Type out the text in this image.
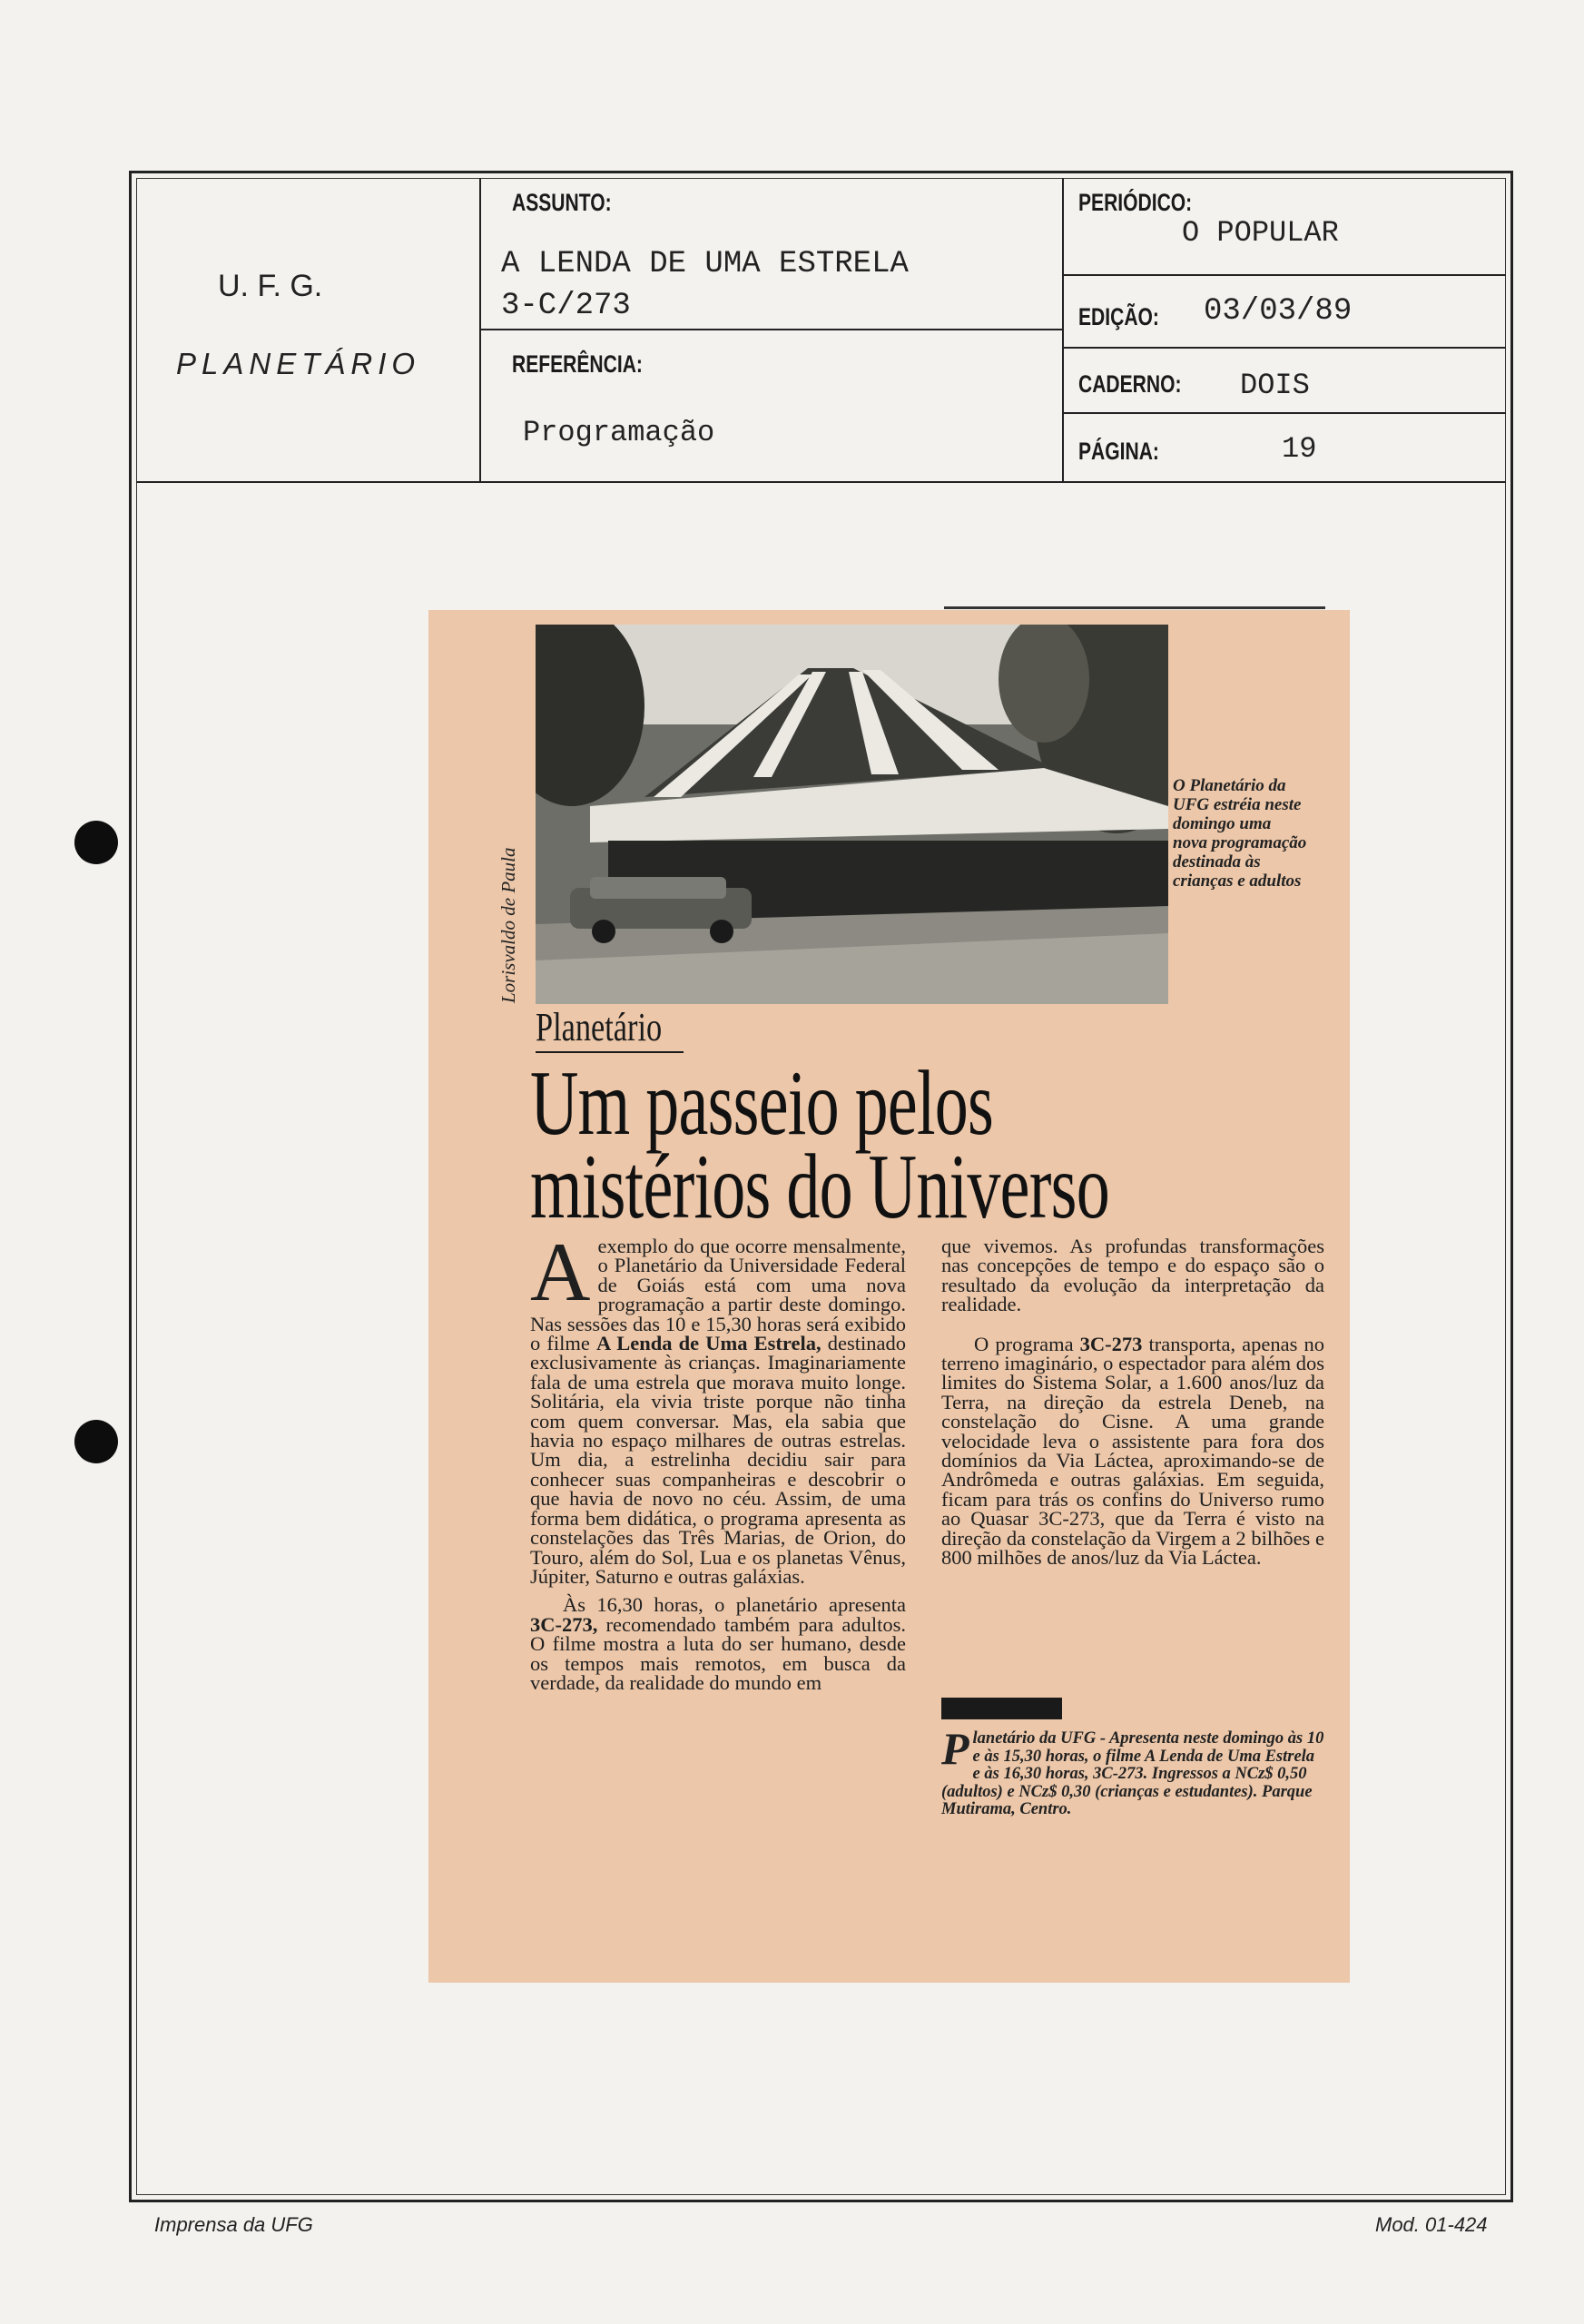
U. F. G.
PLANETÁRIO
ASSUNTO:
A LENDA DE UMA ESTRELA
3-C/273
REFERÊNCIA:
Programação
PERIÓDICO:
O POPULAR
EDIÇÃO: 03/03/89
CADERNO: DOIS
PÁGINA:	19
Lorisvaldo de Paula
O Planetário da UFG estréia neste domingo uma nova programação destinada às crianças e adultos
Planetário
Um passeio pelos
mistérios do Universo
A exemplo do que ocorre mensalmente, o Planetário da Universidade Federal de Goiás está com uma nova programação a partir deste domingo. Nas sessões das 10 e 15,30 horas será exibido o filme A Lenda de Uma Estrela, destinado exclusivamente às crianças. Imaginariamente fala de uma estrela que morava muito longe. Solitária, ela vivia triste porque não tinha com quem conversar. Mas, ela sabia que havia no espaço milhares de outras estrelas. Um dia, a estrelinha decidiu sair para conhecer suas companheiras e descobrir o que havia de novo no céu. Assim, de uma forma bem didática, o programa apresenta as constelações das Três Marias, de Orion, do Touro, além do Sol, Lua e os planetas Vênus, Júpiter, Saturno e outras galáxias.
Às 16,30 horas, o planetário apresenta 3C-273, recomendado também para adultos. O filme mostra a luta do ser humano, desde os tempos mais remotos, em busca da verdade, da realidade do mundo em
que vivemos. As profundas transformações nas concepções de tempo e do espaço são o resultado da evolução da interpretação da realidade.
O programa 3C-273 transporta, apenas no terreno imaginário, o espectador para além dos limites do Sistema Solar, a 1.600 anos/luz da Terra, na direção da estrela Deneb, na constelação do Cisne. A uma grande velocidade leva o assistente para fora dos domínios da Via Láctea, aproximando-se de Andrômeda e outras galáxias. Em seguida, ficam para trás os confins do Universo rumo ao Quasar 3C-273, que da Terra é visto na direção da constelação da Virgem a 2 bilhões e 800 milhões de anos/luz da Via Láctea.
Planetário da UFG - Apresenta neste domingo às 10 e às 15,30 horas, o filme A Lenda de Uma Estrela e às 16,30 horas, 3C-273. Ingressos a NCz$ 0,50 (adultos) e NCz$ 0,30 (crianças e estudantes). Parque Mutirama, Centro.
Imprensa da UFG	Mod. 01-424
